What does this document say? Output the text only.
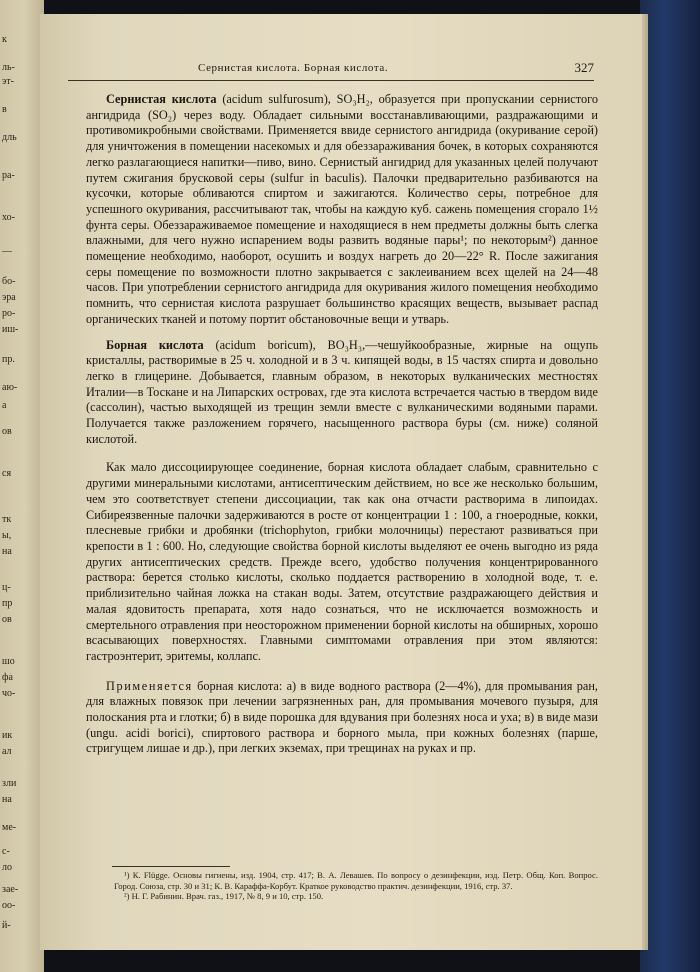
к
ль-
эт-
в
дль
ра-
хо-
—
бо-
эра
ро-
иш-
пр.
аю-
а
ов
ся
тк
ы,
на
ц-
пр
ов
шо
фа
чо-
ик
ал
зли
на
ме-
с-
ло
зае-
оо-
й-
Сернистая кислота. Борная кислота.	327

Сернистая кислота (acidum sulfurosum), SO₃H₂, образуется при пропускании сернистого ангидрида (SO₂) через воду. Обладает сильными восстанавливающими, раздражающими и противомикробными свойствами. Применяется ввиде сернистого ангидрида (окуривание серой) для уничтожения в помещении насекомых и для обеззараживания бочек, в которых сохраняются легко разлагающиеся напитки—пиво, вино. Сернистый ангидрид для указанных целей получают путем сжигания брусковой серы (sulfur in baculis). Палочки предварительно разбиваются на кусочки, которые обливаются спиртом и зажигаются. Количество серы, потребное для успешного окуривания, рассчитывают так, чтобы на каждую куб. сажень помещения сгорало 1½ фунта серы. Обеззараживаемое помещение и находящиеся в нем предметы должны быть слегка влажными, для чего нужно испарением воды развить водяные пары¹; по некоторым²) данное помещение необходимо, наоборот, осушить и воздух нагреть до 20—22° R. После зажигания серы помещение по возможности плотно закрывается с заклеиванием всех щелей на 24—48 часов. При употреблении сернистого ангидрида для окуривания жилого помещения необходимо помнить, что сернистая кислота разрушает большинство красящих веществ, вызывает распад органических тканей и потому портит обстановочные вещи и утварь.

Борная кислота (acidum boricum), BO₃H₃,—чешуйкообразные, жирные на ощупь кристаллы, растворимые в 25 ч. холодной и в 3 ч. кипящей воды, в 15 частях спирта и довольно легко в глицерине. Добывается, главным образом, в некоторых вулканических местностях Италии—в Тоскане и на Липарских островах, где эта кислота встречается частью в твердом виде (сассолин), частью выходящей из трещин земли вместе с вулканическими водяными парами. Получается также разложением горячего, насыщенного раствора буры (см. ниже) соляной кислотой.

Как мало диссоциирующее соединение, борная кислота обладает слабым, сравнительно с другими минеральными кислотами, антисептическим действием, но все же несколько большим, чем это соответствует степени диссоциации, так как она отчасти растворима в липоидах. Сибиреязвенные палочки задерживаются в росте от концентрации 1 : 100, а гноеродные, кокки, плесневые грибки и дробянки (trichophyton, грибки молочницы) перестают развиваться при крепости в 1 : 600. Но, следующие свойства борной кислоты выделяют ее очень выгодно из ряда других антисептических средств. Прежде всего, удобство получения концентрированного раствора: берется столько кислоты, сколько поддается растворению в холодной воде, т. е. приблизительно чайная ложка на стакан воды. Затем, отсутствие раздражающего действия и малая ядовитость препарата, хотя надо сознаться, что не исключается возможность и смертельного отравления при неосторожном применении борной кислоты на обширных, хорошо всасывающих поверхностях. Главными симптомами отравления при этом являются: гастроэнтерит, эритемы, коллапс.

Применяется борная кислота: а) в виде водного раствора (2—4%), для промывания ран, для влажных повязок при лечении загрязненных ран, для промывания мочевого пузыря, для полоскания рта и глотки; б) в виде порошка для вдувания при болезнях носа и уха; в) в виде мази (ungu. acidi borici), спиртового раствора и борного мыла, при кожных болезнях (парше, стригущем лишае и др.), при легких экземах, при трещинах на руках и пр.

¹) К. Flügge. Основы гигиены, изд. 1904, стр. 417; В. А. Левашев. По вопросу о дезинфекции, изд. Петр. Общ. Коп. Вопрос. Город. Союза, стр. 30 и 31; К. В. Караффа-Корбут. Краткое руководство практич. дезинфекции, 1916, стр. 37.

²) Н. Г. Рабинин. Врач. газ., 1917, № 8, 9 и 10, стр. 150.
